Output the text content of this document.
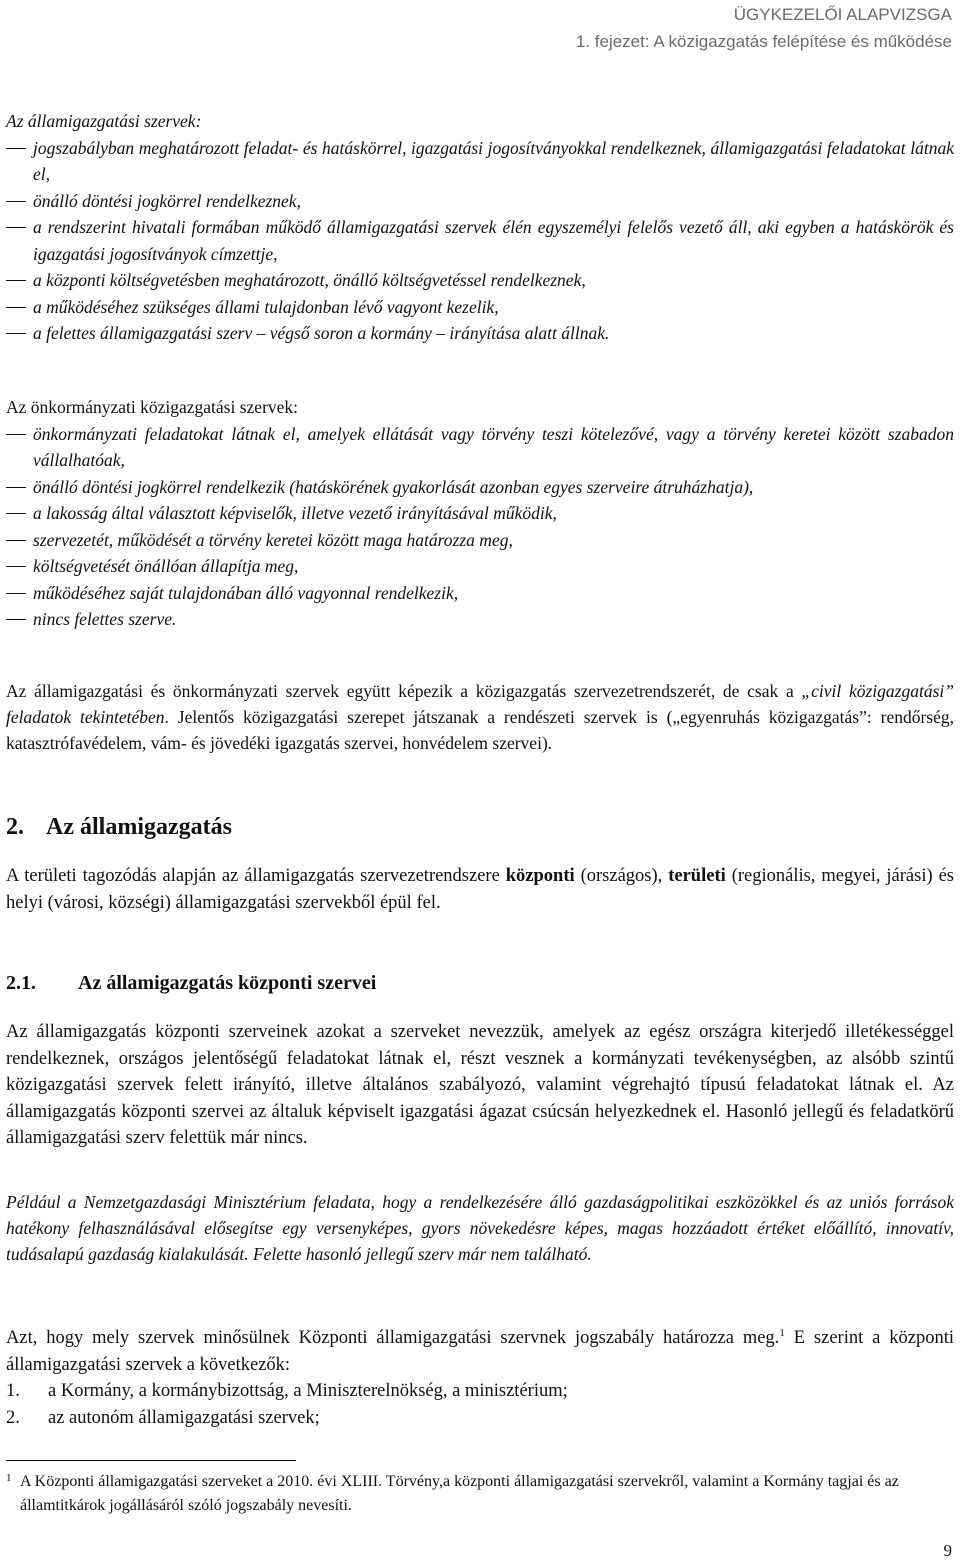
ÜGYKEZELŐI ALAPVIZSGA
1. fejezet: A közigazgatás felépítése és működése

Az államigazgatási szervek:

jogszabályban meghatározott feladat- és hatáskörrel, igazgatási jogosítványokkal rendelkeznek, államigazgatási feladatokat látnak el,

önálló döntési jogkörrel rendelkeznek,

a rendszerint hivatali formában működő államigazgatási szervek élén egyszemélyi felelős vezető áll, aki egyben a hatáskörök és igazgatási jogosítványok címzettje,

a központi költségvetésben meghatározott, önálló költségvetéssel rendelkeznek,

a működéséhez szükséges állami tulajdonban lévő vagyont kezelik,

a felettes államigazgatási szerv – végső soron a kormány – irányítása alatt állnak.

Az önkormányzati közigazgatási szervek:

önkormányzati feladatokat látnak el, amelyek ellátását vagy törvény teszi kötelezővé, vagy a törvény keretei között szabadon vállalhatóak,

önálló döntési jogkörrel rendelkezik (hatáskörének gyakorlását azonban egyes szerveire átruházhatja),

a lakosság által választott képviselők, illetve vezető irányításával működik,

szervezetét, működését a törvény keretei között maga határozza meg,

költségvetését önállóan állapítja meg,

működéséhez saját tulajdonában álló vagyonnal rendelkezik,

nincs felettes szerve.

Az államigazgatási és önkormányzati szervek együtt képezik a közigazgatás szervezetrendszerét, de csak a „civil közigazgatási” feladatok tekintetében. Jelentős közigazgatási szerepet játszanak a rendészeti szervek is („egyenruhás közigazgatás”: rendőrség, katasztrófavédelem, vám- és jövedéki igazgatás szervei, honvédelem szervei).

2. Az államigazgatás

A területi tagozódás alapján az államigazgatás szervezetrendszere központi (országos), területi (regionális, megyei, járási) és helyi (városi, községi) államigazgatási szervekből épül fel.

2.1. Az államigazgatás központi szervei

Az államigazgatás központi szerveinek azokat a szerveket nevezzük, amelyek az egész országra kiterjedő illetékességgel rendelkeznek, országos jelentőségű feladatokat látnak el, részt vesznek a kormányzati tevékenységben, az alsóbb szintű közigazgatási szervek felett irányító, illetve általános szabályozó, valamint végrehajtó típusú feladatokat látnak el. Az államigazgatás központi szervei az általuk képviselt igazgatási ágazat csúcsán helyezkednek el. Hasonló jellegű és feladatkörű államigazgatási szerv felettük már nincs.

Például a Nemzetgazdasági Minisztérium feladata, hogy a rendelkezésére álló gazdaságpolitikai eszközökkel és az uniós források hatékony felhasználásával elősegítse egy versenyképes, gyors növekedésre képes, magas hozzáadott értéket előállító, innovatív, tudásalapú gazdaság kialakulását. Felette hasonló jellegű szerv már nem található.

Azt, hogy mely szervek minősülnek Központi államigazgatási szervnek jogszabály határozza meg.$^1$ E szerint a központi államigazgatási szervek a következők:

1. a Kormány, a kormánybizottság, a Miniszterelnökség, a minisztérium;
2. az autonóm államigazgatási szervek;
1 A Központi államigazgatási szerveket a 2010. évi XLIII. Törvény,a központi államigazgatási szervekről, valamint a Kormány tagjai és az államtitkárok jogállásáról szóló jogszabály nevesíti.
9
